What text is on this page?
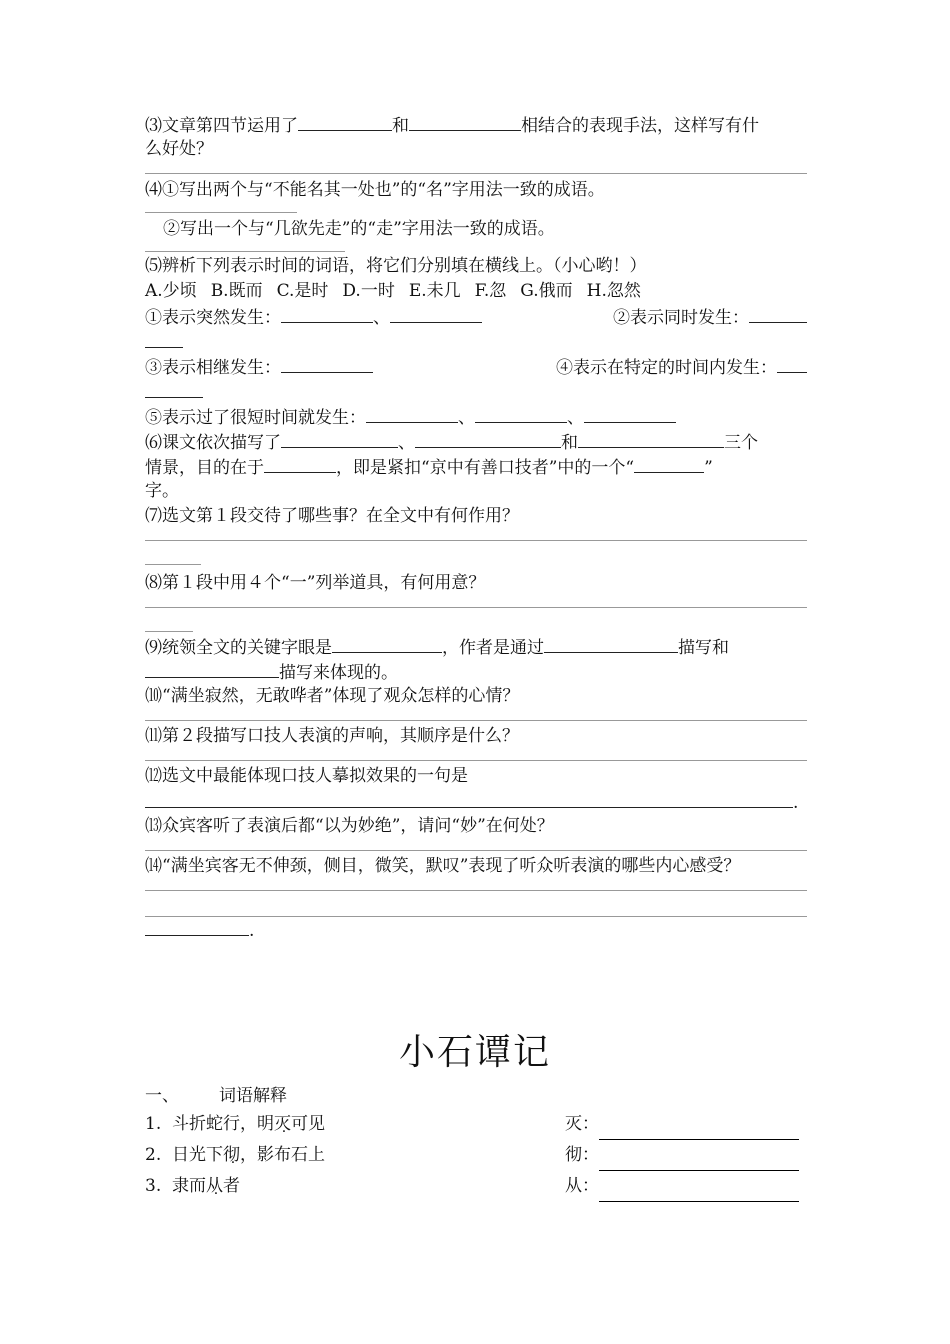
⑶文章第四节运用了	和	相结合的表现手法，这样写有什
么好处？
⑷①写出两个与“不能名其一处也”的“名”字用法一致的成语。
②写出一个与“几欲先走”的“走”字用法一致的成语。
⑸辨析下列表示时间的词语，将它们分别填在横线上。（小心哟！）
A.少顷 B.既而 C.是时 D.一时 E.未几 F.忽 G.俄而 H.忽然
①表示突然发生：	、	②表示同时发生：
③表示相继发生：	④表示在特定的时间内发生：
⑤表示过了很短时间就发生：	、	、
⑹课文依次描写了	、	和	三个
情景，目的在于	，即是紧扣“京中有善口技者”中的一个“	”
字。
⑺选文第１段交待了哪些事？在全文中有何作用？
⑻第１段中用４个“一”列举道具，有何用意？
⑼统领全文的关键字眼是	，作者是通过	描写和
描写来体现的。
⑽“满坐寂然，无敢哗者”体现了观众怎样的心情？
⑾第２段描写口技人表演的声响，其顺序是什么？
⑿选文中最能体现口技人摹拟效果的一句是
.
⒀众宾客听了表演后都“以为妙绝”，请问“妙”在何处？
⒁“满坐宾客无不伸颈，侧目，微笑，默叹”表现了听众听表演的哪些内心感受？
.
小石谭记
一、 词语解释
1. 斗折蛇行，明灭可见	灭：
2. 日光下彻，影布石上	彻：
3. 隶而从者	从：
